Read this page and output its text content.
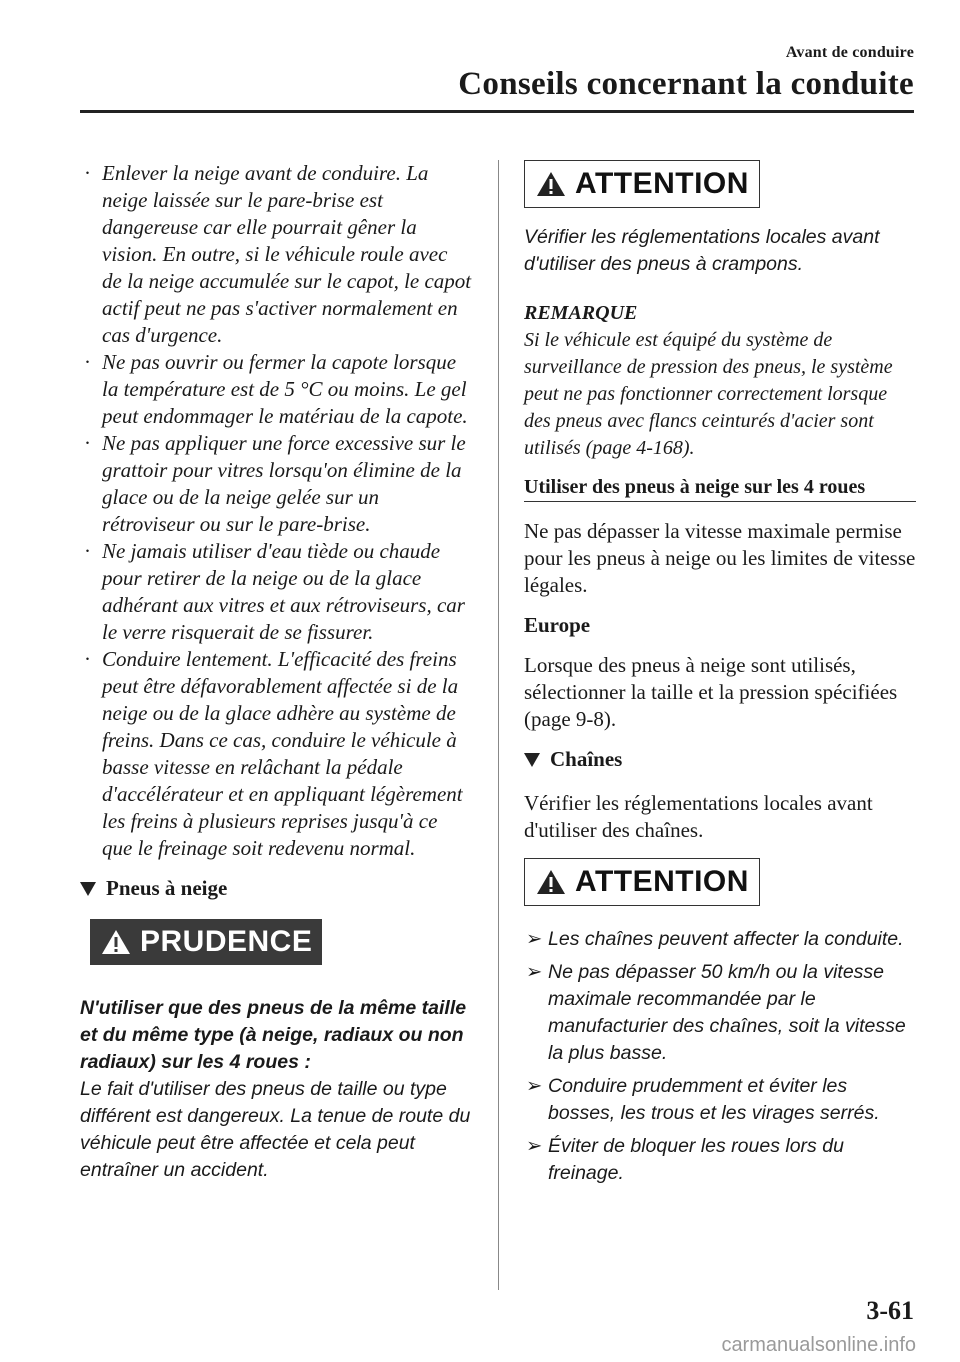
Avant de conduire
Conseils concernant la conduite
· Enlever la neige avant de conduire. La neige laissée sur le pare-brise est dangereuse car elle pourrait gêner la vision. En outre, si le véhicule roule avec de la neige accumulée sur le capot, le capot actif peut ne pas s'activer normalement en cas d'urgence.
· Ne pas ouvrir ou fermer la capote lorsque la température est de 5 °C ou moins. Le gel peut endommager le matériau de la capote.
· Ne pas appliquer une force excessive sur le grattoir pour vitres lorsqu'on élimine de la glace ou de la neige gelée sur un rétroviseur ou sur le pare-brise.
· Ne jamais utiliser d'eau tiède ou chaude pour retirer de la neige ou de la glace adhérant aux vitres et aux rétroviseurs, car le verre risquerait de se fissurer.
· Conduire lentement. L'efficacité des freins peut être défavorablement affectée si de la neige ou de la glace adhère au système de freins. Dans ce cas, conduire le véhicule à basse vitesse en relâchant la pédale d'accélérateur et en appliquant légèrement les freins à plusieurs reprises jusqu'à ce que le freinage soit redevenu normal.
Pneus à neige
PRUDENCE
N'utiliser que des pneus de la même taille et du même type (à neige, radiaux ou non radiaux) sur les 4 roues :
Le fait d'utiliser des pneus de taille ou type différent est dangereux. La tenue de route du véhicule peut être affectée et cela peut entraîner un accident.
ATTENTION
Vérifier les réglementations locales avant d'utiliser des pneus à crampons.
REMARQUE
Si le véhicule est équipé du système de surveillance de pression des pneus, le système peut ne pas fonctionner correctement lorsque des pneus avec flancs ceinturés d'acier sont utilisés (page 4-168).
Utiliser des pneus à neige sur les 4 roues

Ne pas dépasser la vitesse maximale permise pour les pneus à neige ou les limites de vitesse légales.

Europe

Lorsque des pneus à neige sont utilisés, sélectionner la taille et la pression spécifiées (page 9-8).

Chaînes

Vérifier les réglementations locales avant d'utiliser des chaînes.

ATTENTION
➢ Les chaînes peuvent affecter la conduite.
➢ Ne pas dépasser 50 km/h ou la vitesse maximale recommandée par le manufacturier des chaînes, soit la vitesse la plus basse.
➢ Conduire prudemment et éviter les bosses, les trous et les virages serrés.
➢ Éviter de bloquer les roues lors du freinage.
3-61
carmanualsonline.info
